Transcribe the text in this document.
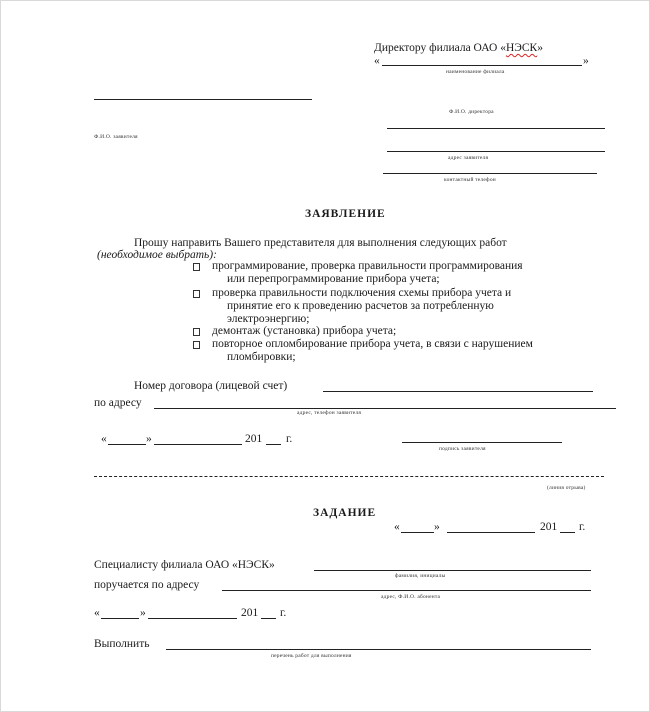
Директору филиала ОАО «НЭСК»
«	»
наименование филиала
Ф.И.О. директора
Ф.И.О. заявителя
адрес заявителя
контактный телефон
ЗАЯВЛЕНИЕ
Прошу направить Вашего представителя для выполнения следующих работ
(необходимое выбрать):
программирование, проверка правильности программирования
или перепрограммирование прибора учета;
проверка правильности подключения схемы прибора учета и
принятие его к проведению расчетов за потребленную
электроэнергию;
демонтаж (установка) прибора учета;
повторное опломбирование прибора учета, в связи с нарушением
пломбировки;
Номер договора (лицевой счет)
по адресу
адрес, телефон заявителя
«	»	201 г.
подпись заявителя
(линия отрыва)
ЗАДАНИЕ
«	»	201 г.
Специалисту филиала ОАО «НЭСК»
фамилия, инициалы
поручается по адресу
адрес, Ф.И.О. абонента
«	»	201 г.
Выполнить
перечень работ для выполнения
